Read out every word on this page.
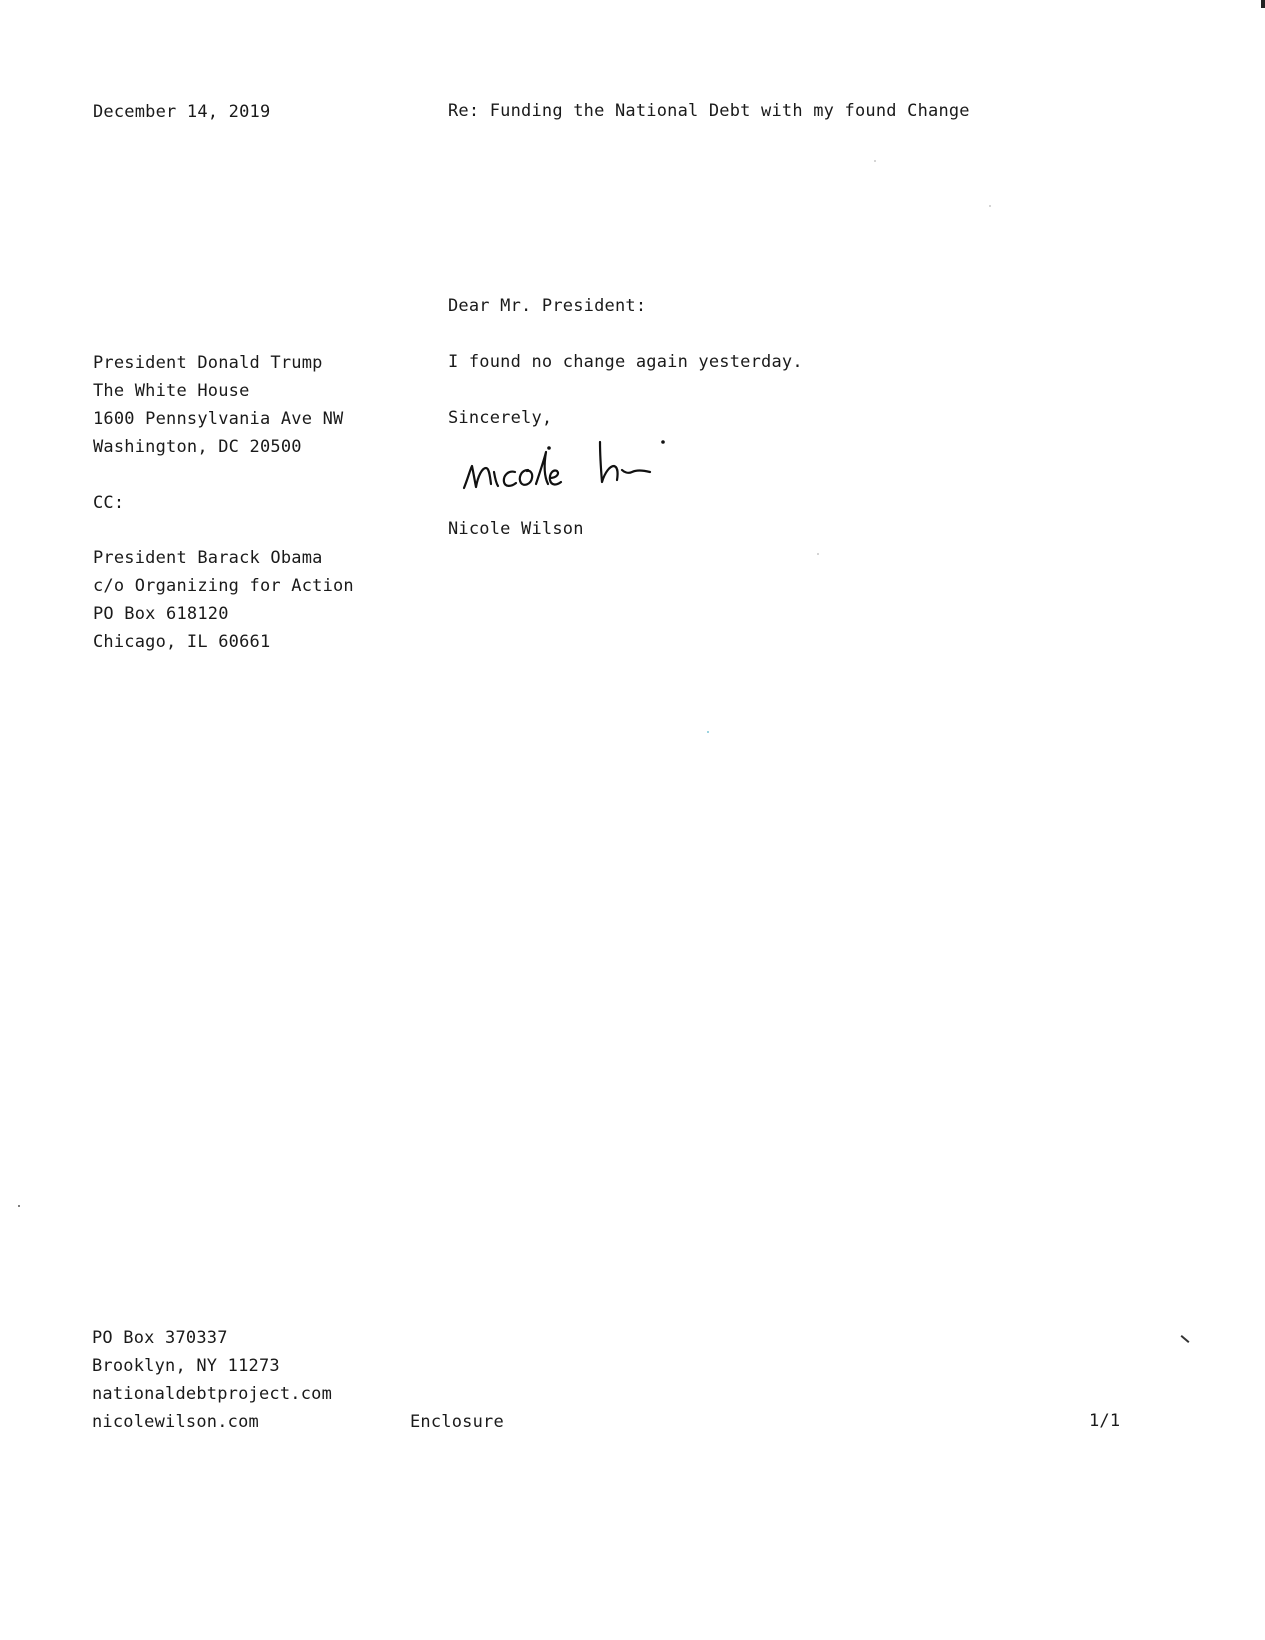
December 14, 2019	Re: Funding the National Debt with my found Change
President Donald Trump
The White House
1600 Pennsylvania Ave NW
Washington, DC 20500
CC:
President Barack Obama
c/o Organizing for Action
PO Box 618120
Chicago, IL 60661
Dear Mr. President:
I found no change again yesterday.
Sincerely,
Nicole Wilson
PO Box 370337
Brooklyn, NY 11273
nationaldebtproject.com
nicolewilson.com	Enclosure	1/1
